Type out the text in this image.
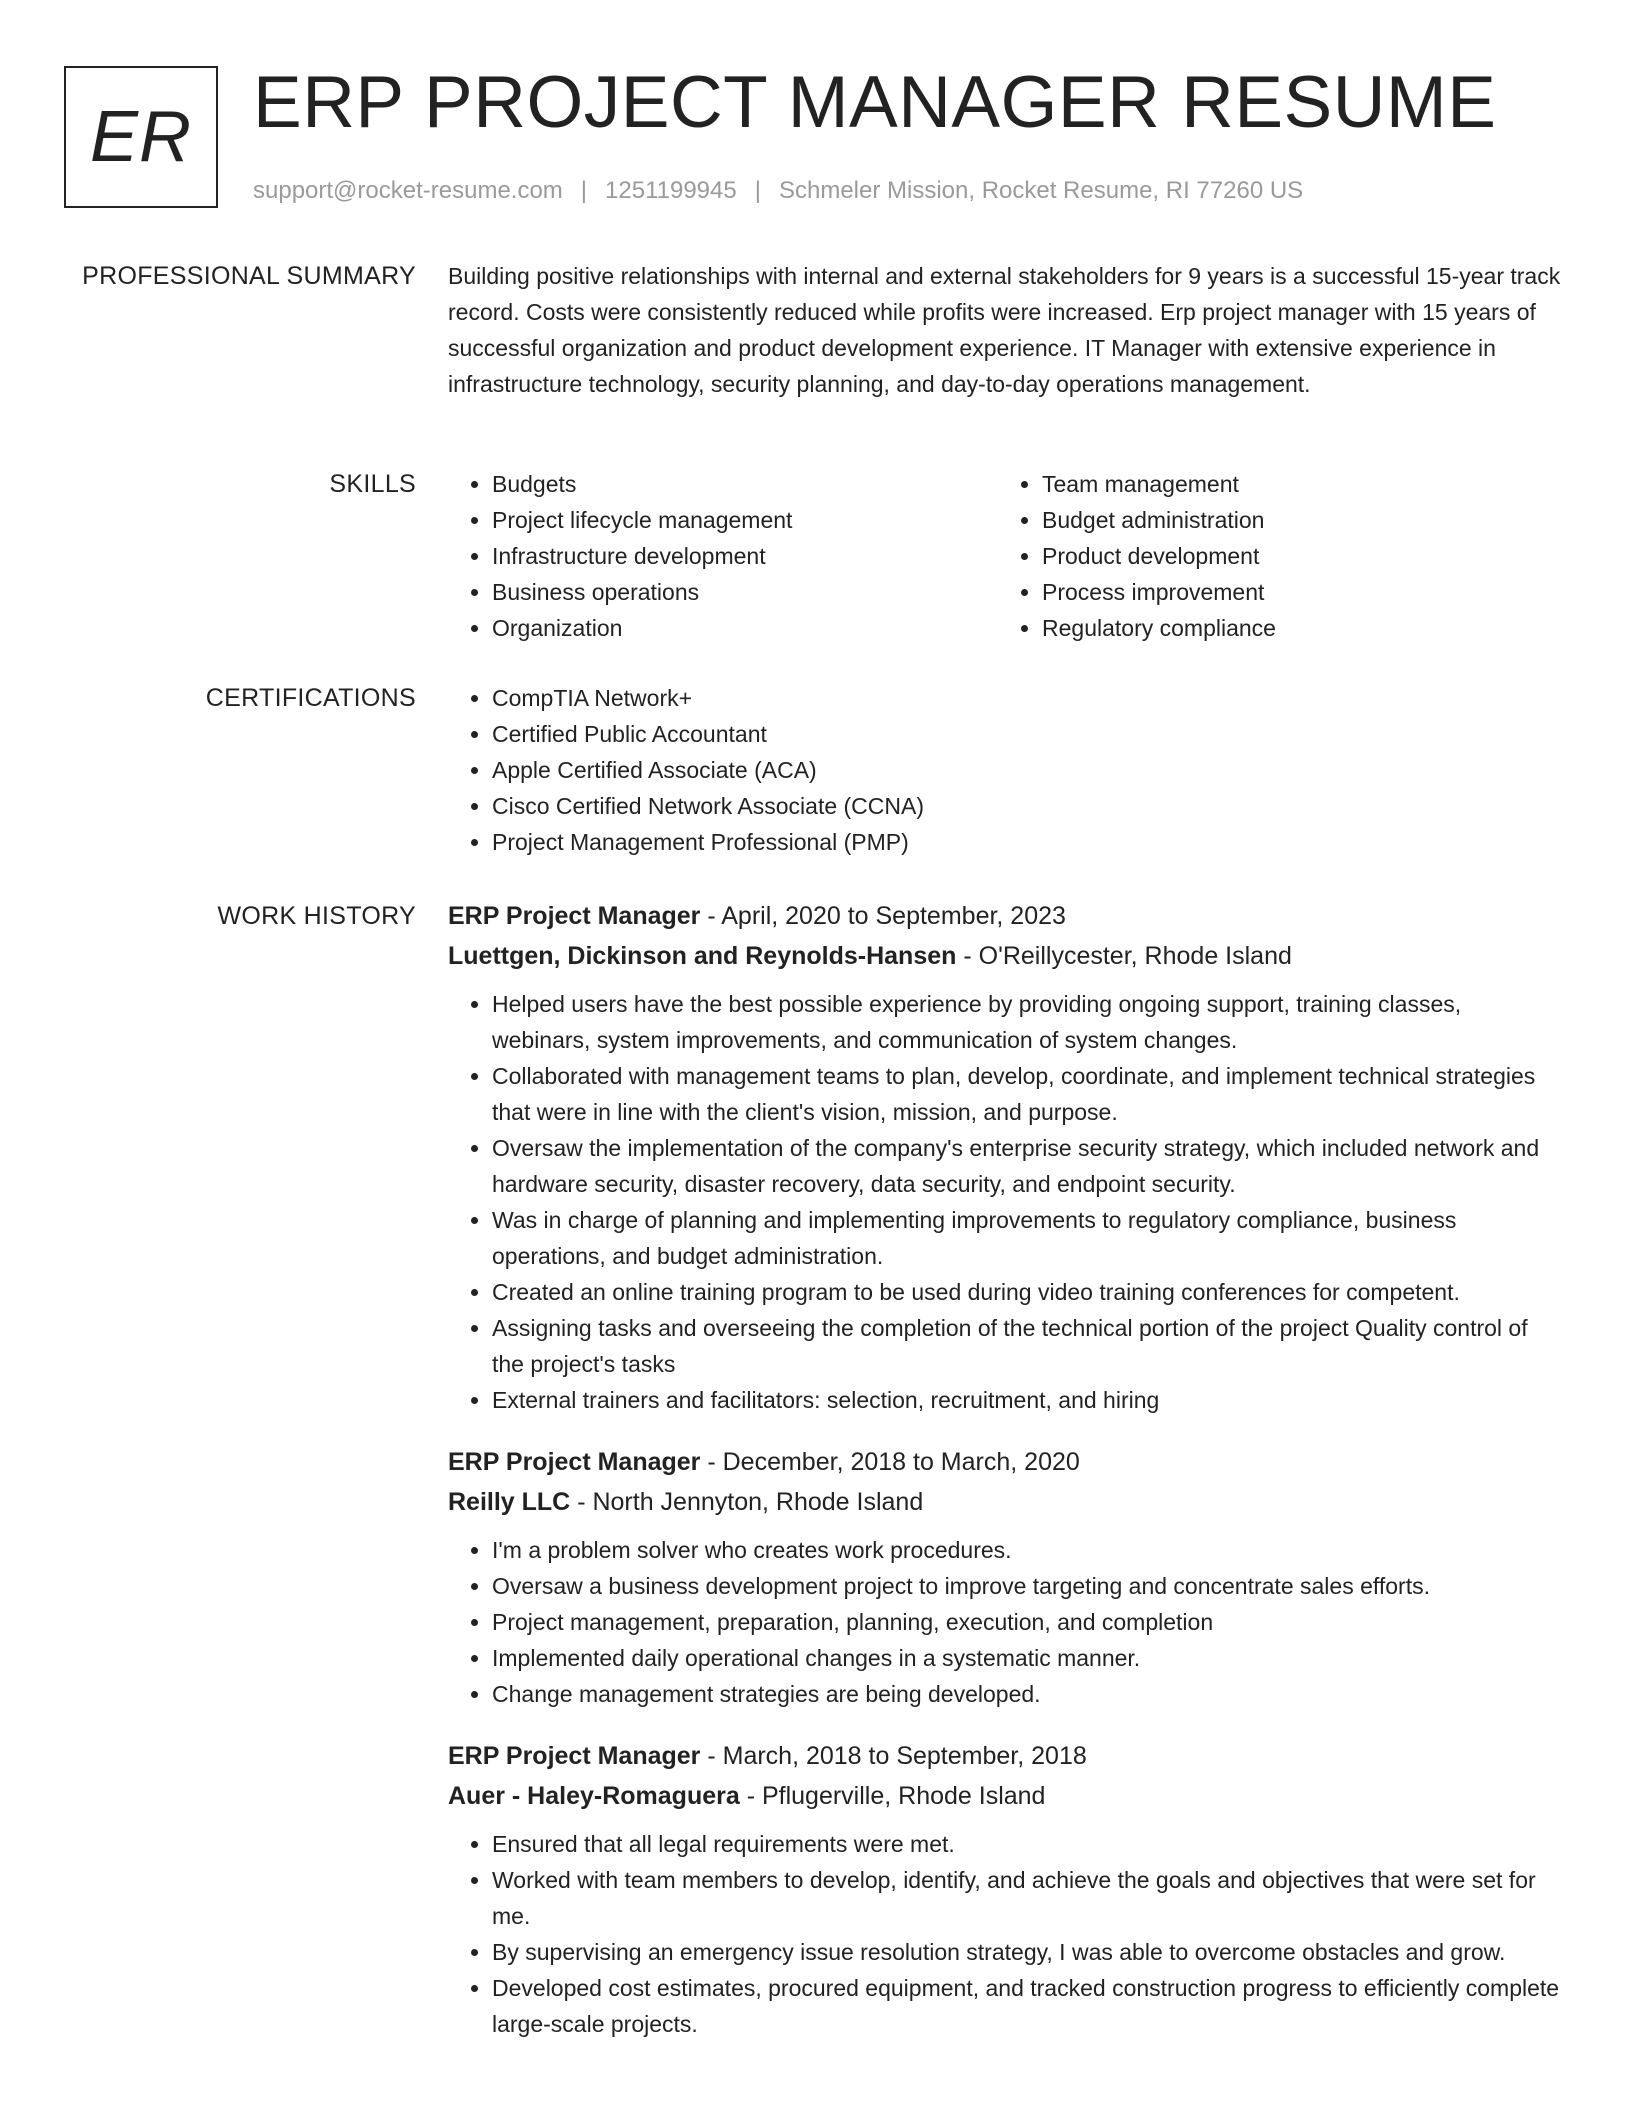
ER ERP PROJECT MANAGER RESUME
support@rocket-resume.com | 1251199945 | Schmeler Mission, Rocket Resume, RI 77260 US
PROFESSIONAL SUMMARY Building positive relationships with internal and external stakeholders for 9 years is a successful 15-year track record. Costs were consistently reduced while profits were increased. Erp project manager with 15 years of successful organization and product development experience. IT Manager with extensive experience in infrastructure technology, security planning, and day-to-day operations management.

SKILLS	• Budgets
• Project lifecycle management
• Infrastructure development
• Business operations
• Organization
• Team management
• Budget administration
• Product development
• Process improvement
• Regulatory compliance
CERTIFICATIONS	• CompTIA Network+
• Certified Public Accountant
• Apple Certified Associate (ACA)
• Cisco Certified Network Associate (CCNA)
• Project Management Professional (PMP)
WORK HISTORY ERP Project Manager - April, 2020 to September, 2023
Luettgen, Dickinson and Reynolds-Hansen - O'Reillycester, Rhode Island
• Helped users have the best possible experience by providing ongoing support, training classes, webinars, system improvements, and communication of system changes.
• Collaborated with management teams to plan, develop, coordinate, and implement technical strategies that were in line with the client's vision, mission, and purpose.
• Oversaw the implementation of the company's enterprise security strategy, which included network and hardware security, disaster recovery, data security, and endpoint security.
• Was in charge of planning and implementing improvements to regulatory compliance, business operations, and budget administration.
• Created an online training program to be used during video training conferences for competent.
• Assigning tasks and overseeing the completion of the technical portion of the project Quality control of the project's tasks
• External trainers and facilitators: selection, recruitment, and hiring
ERP Project Manager - December, 2018 to March, 2020
Reilly LLC - North Jennyton, Rhode Island
• I'm a problem solver who creates work procedures.
• Oversaw a business development project to improve targeting and concentrate sales efforts.
• Project management, preparation, planning, execution, and completion
• Implemented daily operational changes in a systematic manner.
• Change management strategies are being developed.
ERP Project Manager - March, 2018 to September, 2018
Auer - Haley-Romaguera - Pflugerville, Rhode Island
• Ensured that all legal requirements were met.
• Worked with team members to develop, identify, and achieve the goals and objectives that were set for me.
• By supervising an emergency issue resolution strategy, I was able to overcome obstacles and grow.
• Developed cost estimates, procured equipment, and tracked construction progress to efficiently complete large-scale projects.
